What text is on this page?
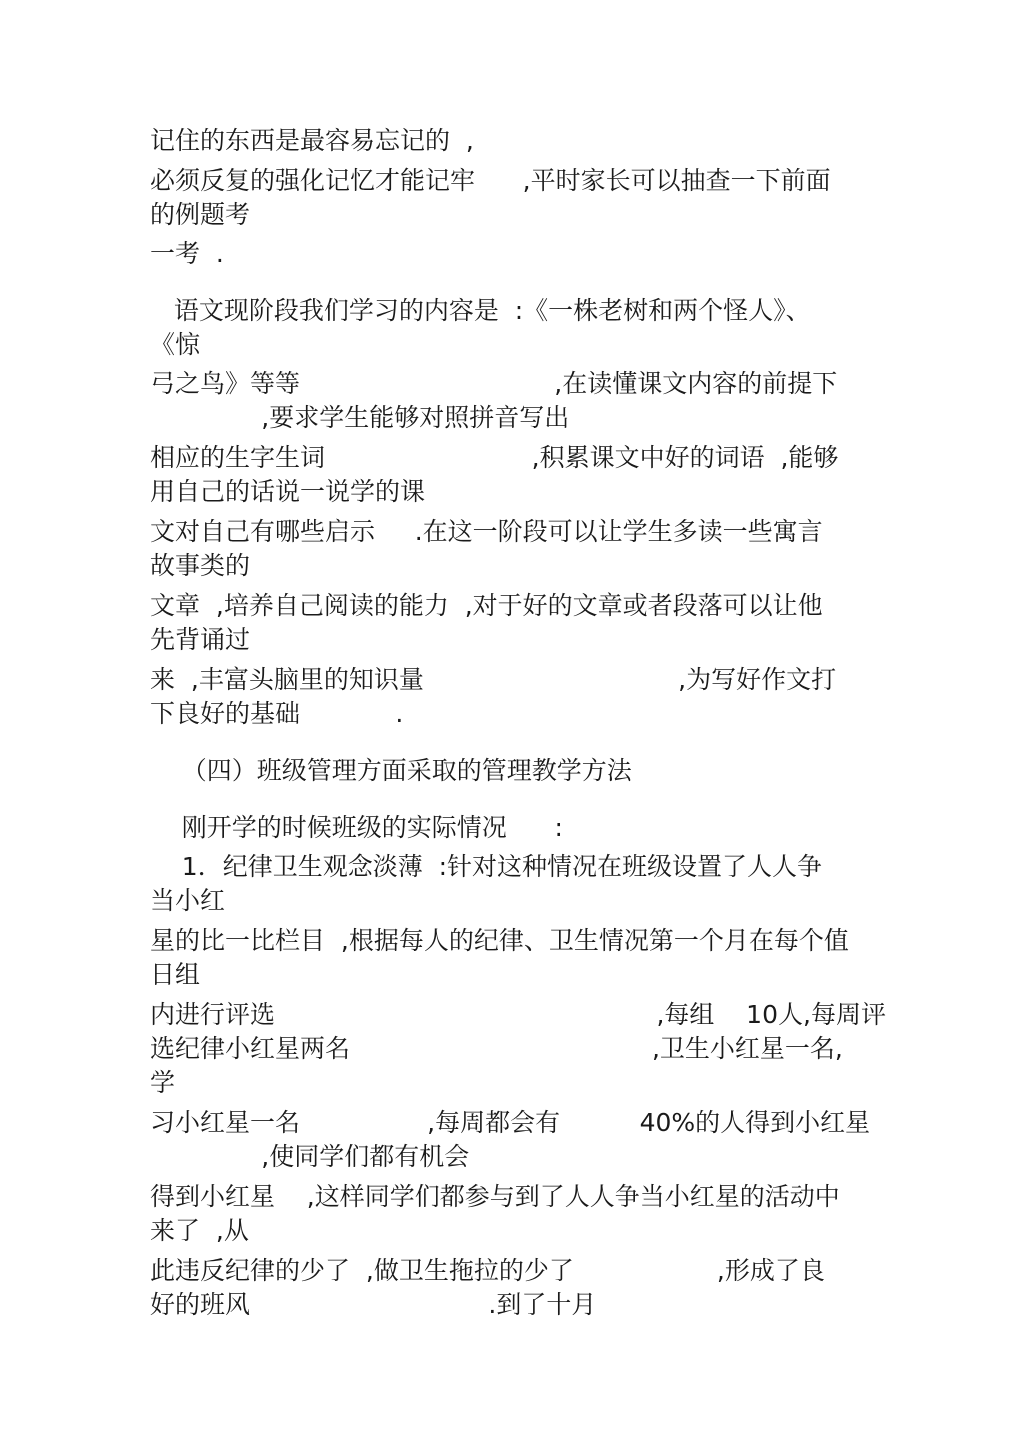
记住的东西是最容易忘记的  ,
必须反复的强化记忆才能记牢      ,平时家长可以抽查一下前面
的例题考
一考  .
语文现阶段我们学习的内容是  :《一株老树和两个怪人》、
《惊
弓之鸟》等等                                ,在读懂课文内容的前提下
,要求学生能够对照拼音写出
相应的生字生词                          ,积累课文中好的词语  ,能够
用自己的话说一说学的课
文对自己有哪些启示     .在这一阶段可以让学生多读一些寓言
故事类的
文章  ,培养自己阅读的能力  ,对于好的文章或者段落可以让他
先背诵过
来  ,丰富头脑里的知识量                                ,为写好作文打
下良好的基础            .
（四）班级管理方面采取的管理教学方法
刚开学的时候班级的实际情况      :
1．纪律卫生观念淡薄  :针对这种情况在班级设置了人人争
当小红
星的比一比栏目  ,根据每人的纪律、卫生情况第一个月在每个值
日组
内进行评选                                                ,每组    10人,每周评
选纪律小红星两名                                      ,卫生小红星一名,
学
习小红星一名                ,每周都会有          40%的人得到小红星
,使同学们都有机会
得到小红星    ,这样同学们都参与到了人人争当小红星的活动中
来了  ,从
此违反纪律的少了  ,做卫生拖拉的少了                  ,形成了良
好的班风                              .到了十月
